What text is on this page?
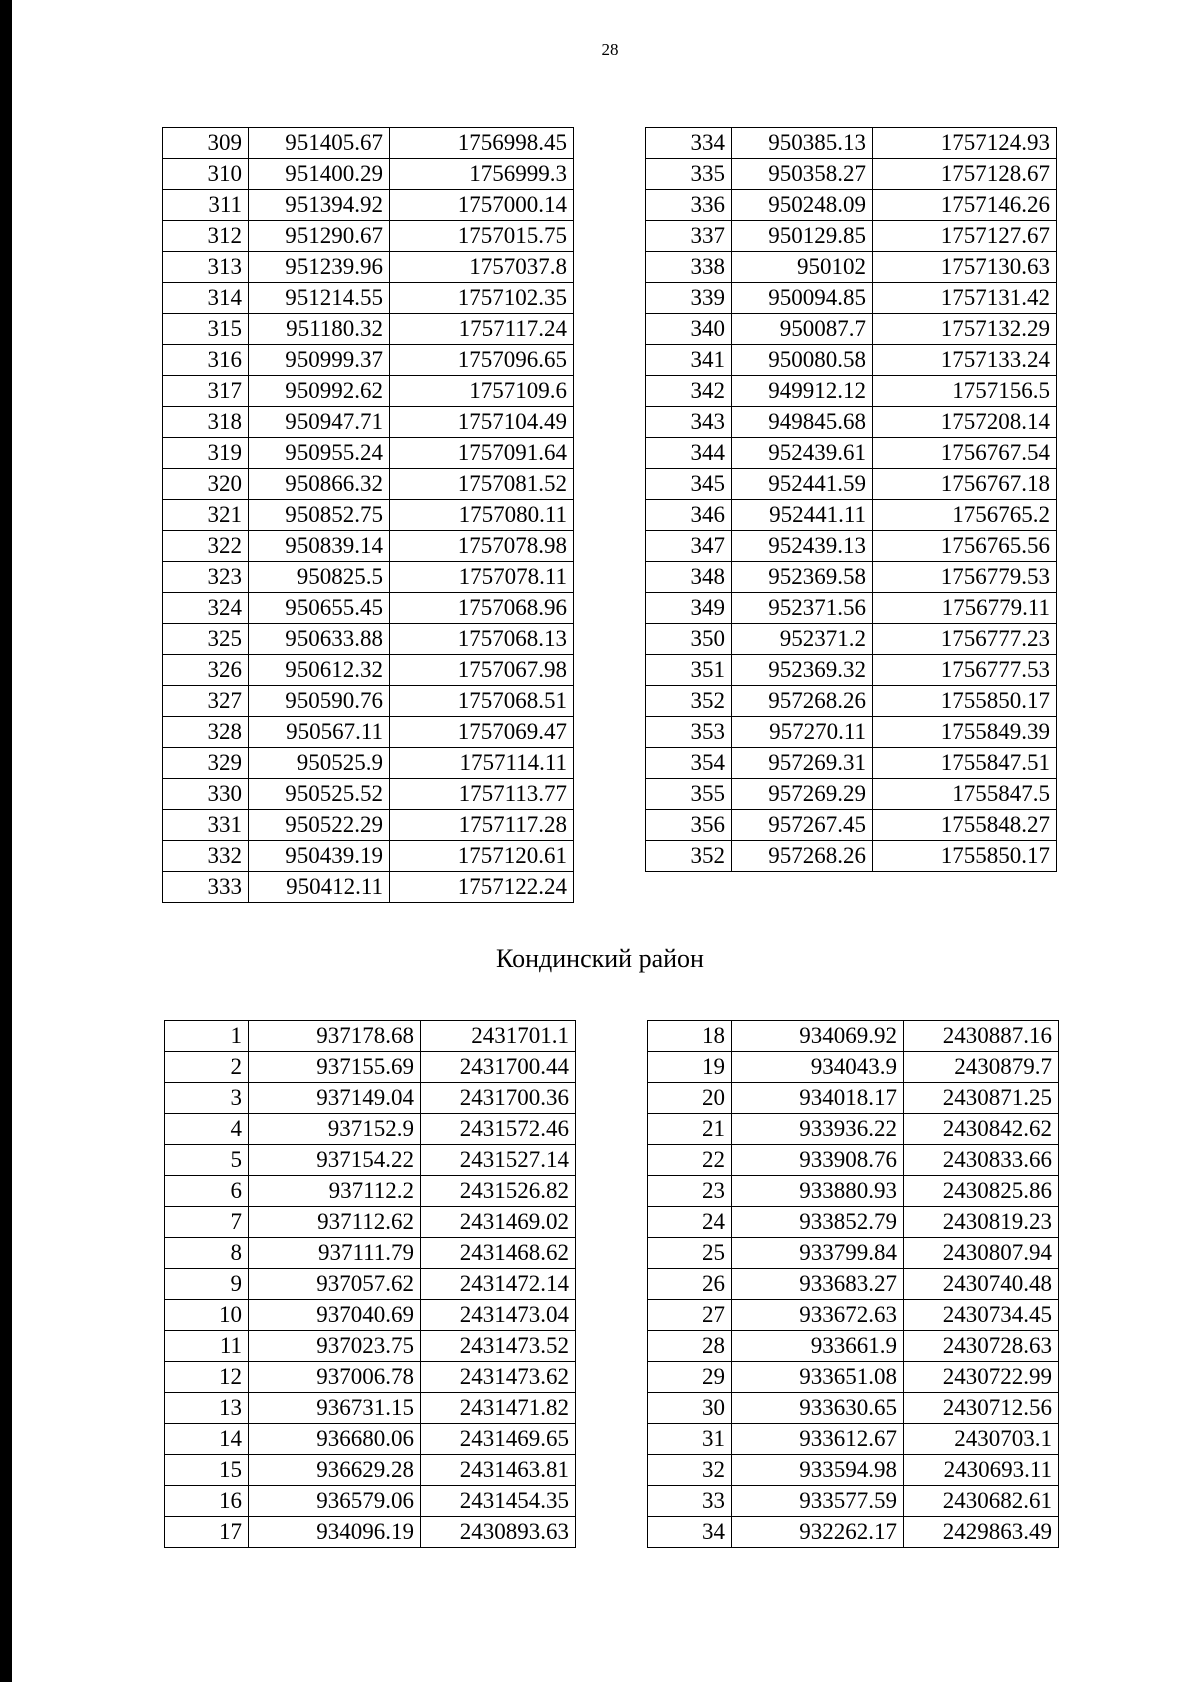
28
309	951405.67	1756998.45
310	951400.29	1756999.3
311	951394.92	1757000.14
312	951290.67	1757015.75
313	951239.96	1757037.8
314	951214.55	1757102.35
315	951180.32	1757117.24
316	950999.37	1757096.65
317	950992.62	1757109.6
318	950947.71	1757104.49
319	950955.24	1757091.64
320	950866.32	1757081.52
321	950852.75	1757080.11
322	950839.14	1757078.98
323	950825.5	1757078.11
324	950655.45	1757068.96
325	950633.88	1757068.13
326	950612.32	1757067.98
327	950590.76	1757068.51
328	950567.11	1757069.47
329	950525.9	1757114.11
330	950525.52	1757113.77
331	950522.29	1757117.28
332	950439.19	1757120.61
333	950412.11	1757122.24
334	950385.13	1757124.93
335	950358.27	1757128.67
336	950248.09	1757146.26
337	950129.85	1757127.67
338	950102	1757130.63
339	950094.85	1757131.42
340	950087.7	1757132.29
341	950080.58	1757133.24
342	949912.12	1757156.5
343	949845.68	1757208.14
344	952439.61	1756767.54
345	952441.59	1756767.18
346	952441.11	1756765.2
347	952439.13	1756765.56
348	952369.58	1756779.53
349	952371.56	1756779.11
350	952371.2	1756777.23
351	952369.32	1756777.53
352	957268.26	1755850.17
353	957270.11	1755849.39
354	957269.31	1755847.51
355	957269.29	1755847.5
356	957267.45	1755848.27
352	957268.26	1755850.17
Кондинский район
1	937178.68	2431701.1
2	937155.69	2431700.44
3	937149.04	2431700.36
4	937152.9	2431572.46
5	937154.22	2431527.14
6	937112.2	2431526.82
7	937112.62	2431469.02
8	937111.79	2431468.62
9	937057.62	2431472.14
10	937040.69	2431473.04
11	937023.75	2431473.52
12	937006.78	2431473.62
13	936731.15	2431471.82
14	936680.06	2431469.65
15	936629.28	2431463.81
16	936579.06	2431454.35
17	934096.19	2430893.63
18	934069.92	2430887.16
19	934043.9	2430879.7
20	934018.17	2430871.25
21	933936.22	2430842.62
22	933908.76	2430833.66
23	933880.93	2430825.86
24	933852.79	2430819.23
25	933799.84	2430807.94
26	933683.27	2430740.48
27	933672.63	2430734.45
28	933661.9	2430728.63
29	933651.08	2430722.99
30	933630.65	2430712.56
31	933612.67	2430703.1
32	933594.98	2430693.11
33	933577.59	2430682.61
34	932262.17	2429863.49
